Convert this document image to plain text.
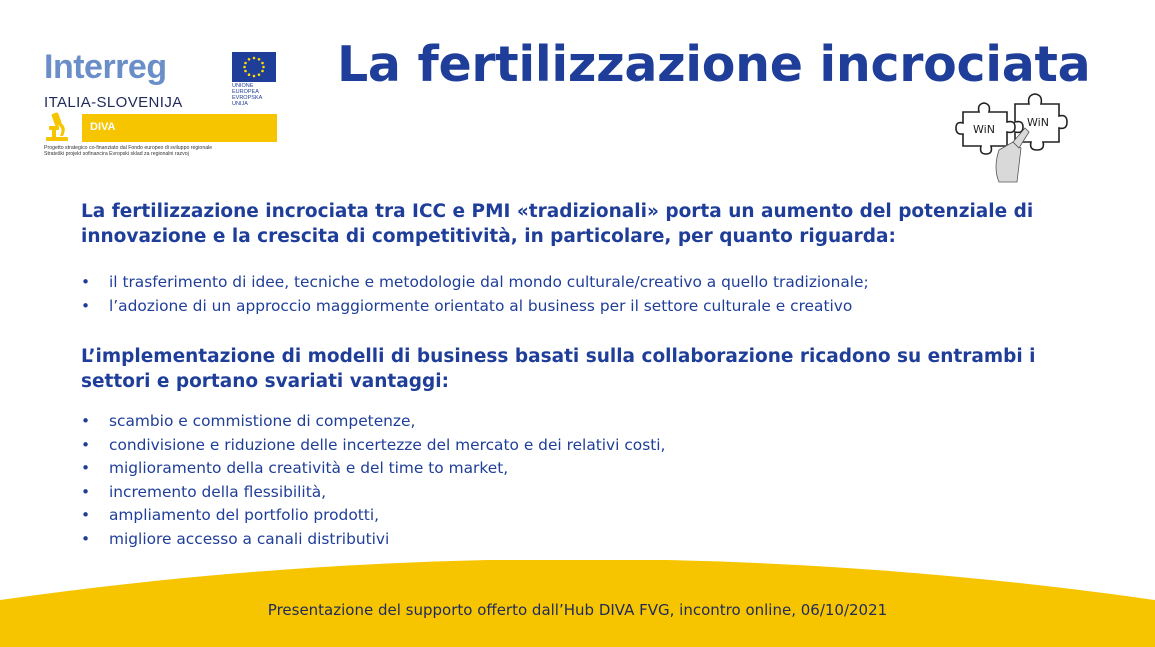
Interreg	UNIONE EUROPEA
EVROPSKA UNIJA
ITALIA-SLOVENIJA
DIVA
Progetto strategico co-finanziato dal Fondo europeo di sviluppo regionale
Strateški projekt sofinancira Evropski sklad za regionalni razvoj
La fertilizzazione incrociata
WiN
WiN

La fertilizzazione incrociata tra ICC e PMI «tradizionali» porta un aumento del potenziale di innovazione e la crescita di competitività, in particolare, per quanto riguarda:

• il trasferimento di idee, tecniche e metodologie dal mondo culturale/creativo a quello tradizionale;
• l’adozione di un approccio maggiormente orientato al business per il settore culturale e creativo

L’implementazione di modelli di business basati sulla collaborazione ricadono su entrambi i settori e portano svariati vantaggi:

• scambio e commistione di competenze,
• condivisione e riduzione delle incertezze del mercato e dei relativi costi,
• miglioramento della creatività e del time to market,
• incremento della flessibilità,
• ampliamento del portfolio prodotti,
• migliore accesso a canali distributivi
Presentazione del supporto offerto dall’Hub DIVA FVG, incontro online, 06/10/2021
